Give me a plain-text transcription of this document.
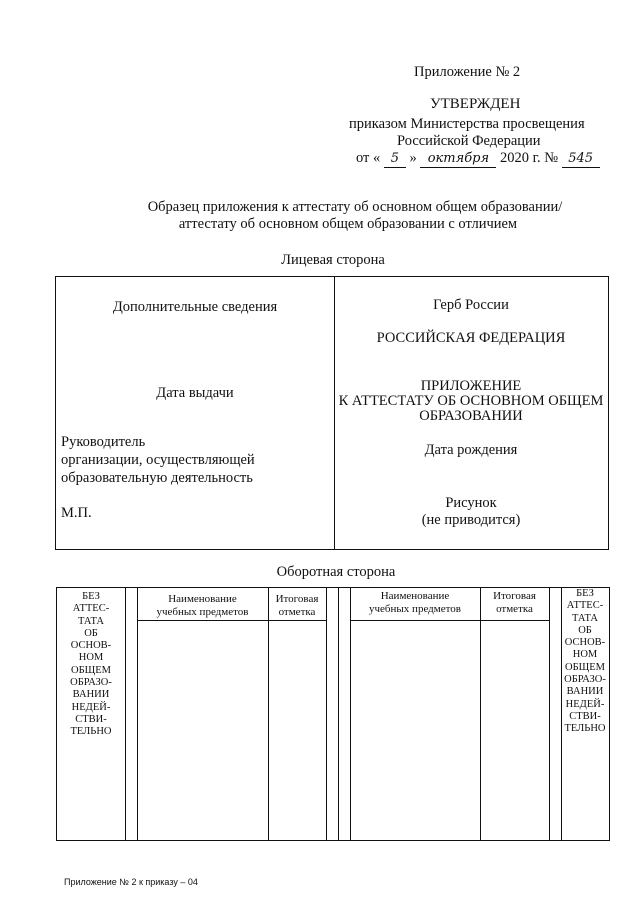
Приложение № 2
УТВЕРЖДЕН
приказом Министерства просвещения
Российской Федерации
от « 5 » октября 2020 г. № 545
Образец приложения к аттестату об основном общем образовании/
аттестату об основном общем образовании с отличием
Лицевая сторона
Дополнительные сведения
Дата выдачи
Руководитель
организации, осуществляющей
образовательную деятельность
М.П.
Герб России
РОССИЙСКАЯ ФЕДЕРАЦИЯ
ПРИЛОЖЕНИЕ
К АТТЕСТАТУ ОБ ОСНОВНОМ ОБЩЕМ
ОБРАЗОВАНИИ
Дата рождения
Рисунок
(не приводится)
Оборотная сторона
БЕЗ
АТТЕС-
ТАТА
ОБ
ОСНОВ-
НОМ
ОБЩЕМ
ОБРАЗО-
ВАНИИ
НЕДЕЙ-
СТВИ-
ТЕЛЬНО
БЕЗ
АТТЕС-
ТАТА
ОБ
ОСНОВ-
НОМ
ОБЩЕМ
ОБРАЗО-
ВАНИИ
НЕДЕЙ-
СТВИ-
ТЕЛЬНО
Наименование
учебных предметов
Итоговая
отметка
Наименование
учебных предметов
Итоговая
отметка
Приложение № 2 к приказу – 04
